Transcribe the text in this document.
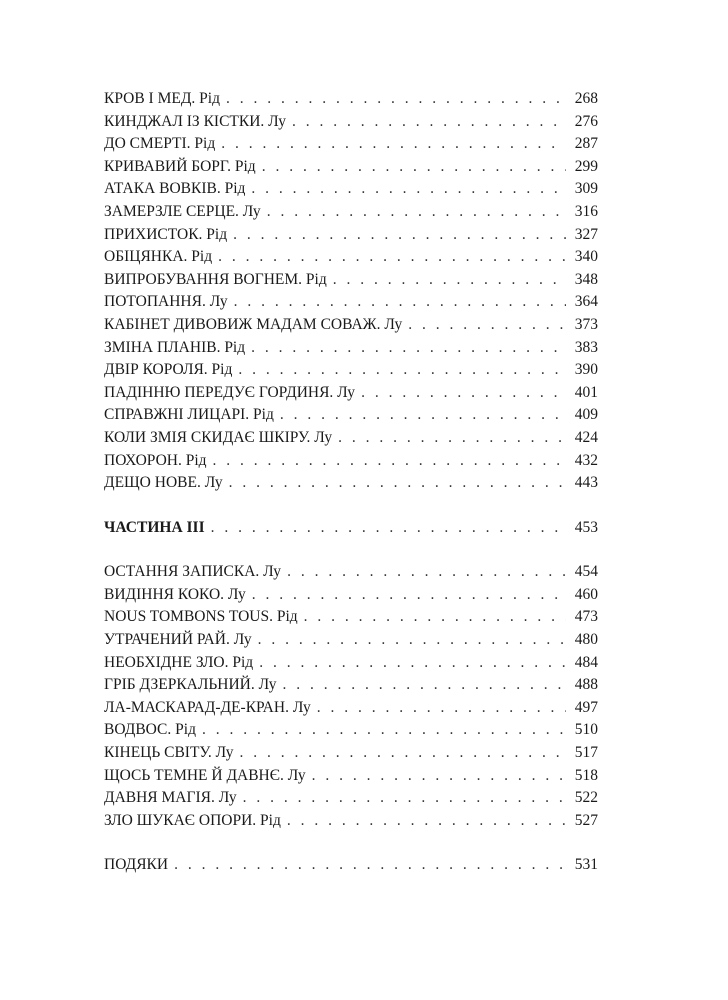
КРОВ І МЕД. Рід . . .	268
КИНДЖАЛ ІЗ КІСТКИ. Лу . . .	276
ДО СМЕРТІ. Рід . . .	287
КРИВАВИЙ БОРГ. Рід . . .	299
АТАКА ВОВКІВ. Рід . . .	309
ЗАМЕРЗЛЕ СЕРЦЕ. Лу . . .	316
ПРИХИСТОК. Рід . . .	327
ОБІЦЯНКА. Рід . . .	340
ВИПРОБУВАННЯ ВОГНЕМ. Рід . . .	348
ПОТОПАННЯ. Лу . . .	364
КАБІНЕТ ДИВОВИЖ МАДАМ СОВАЖ. Лу . . .	373
ЗМІНА ПЛАНІВ. Рід . . .	383
ДВІР КОРОЛЯ. Рід . . .	390
ПАДІННЮ ПЕРЕДУЄ ГОРДИНЯ. Лу . . .	401
СПРАВЖНІ ЛИЦАРІ. Рід . . .	409
КОЛИ ЗМІЯ СКИДАЄ ШКІРУ. Лу . . .	424
ПОХОРОН. Рід . . .	432
ДЕЩО НОВЕ. Лу . . .	443
ЧАСТИНА ІІІ . . .	453
ОСТАННЯ ЗАПИСКА. Лу . . .	454
ВИДІННЯ КОКО. Лу . . .	460
NOUS TOMBONS TOUS. Рід . . .	473
УТРАЧЕНИЙ РАЙ. Лу . . .	480
НЕОБХІДНЕ ЗЛО. Рід . . .	484
ГРІБ ДЗЕРКАЛЬНИЙ. Лу . . .	488
ЛА-МАСКАРАД-ДЕ-КРАН. Лу . . .	497
ВОДВОС. Рід . . .	510
КІНЕЦЬ СВІТУ. Лу . . .	517
ЩОСЬ ТЕМНЕ Й ДАВНЄ. Лу . . .	518
ДАВНЯ МАГІЯ. Лу . . .	522
ЗЛО ШУКАЄ ОПОРИ. Рід . . .	527
ПОДЯКИ . . .	531
